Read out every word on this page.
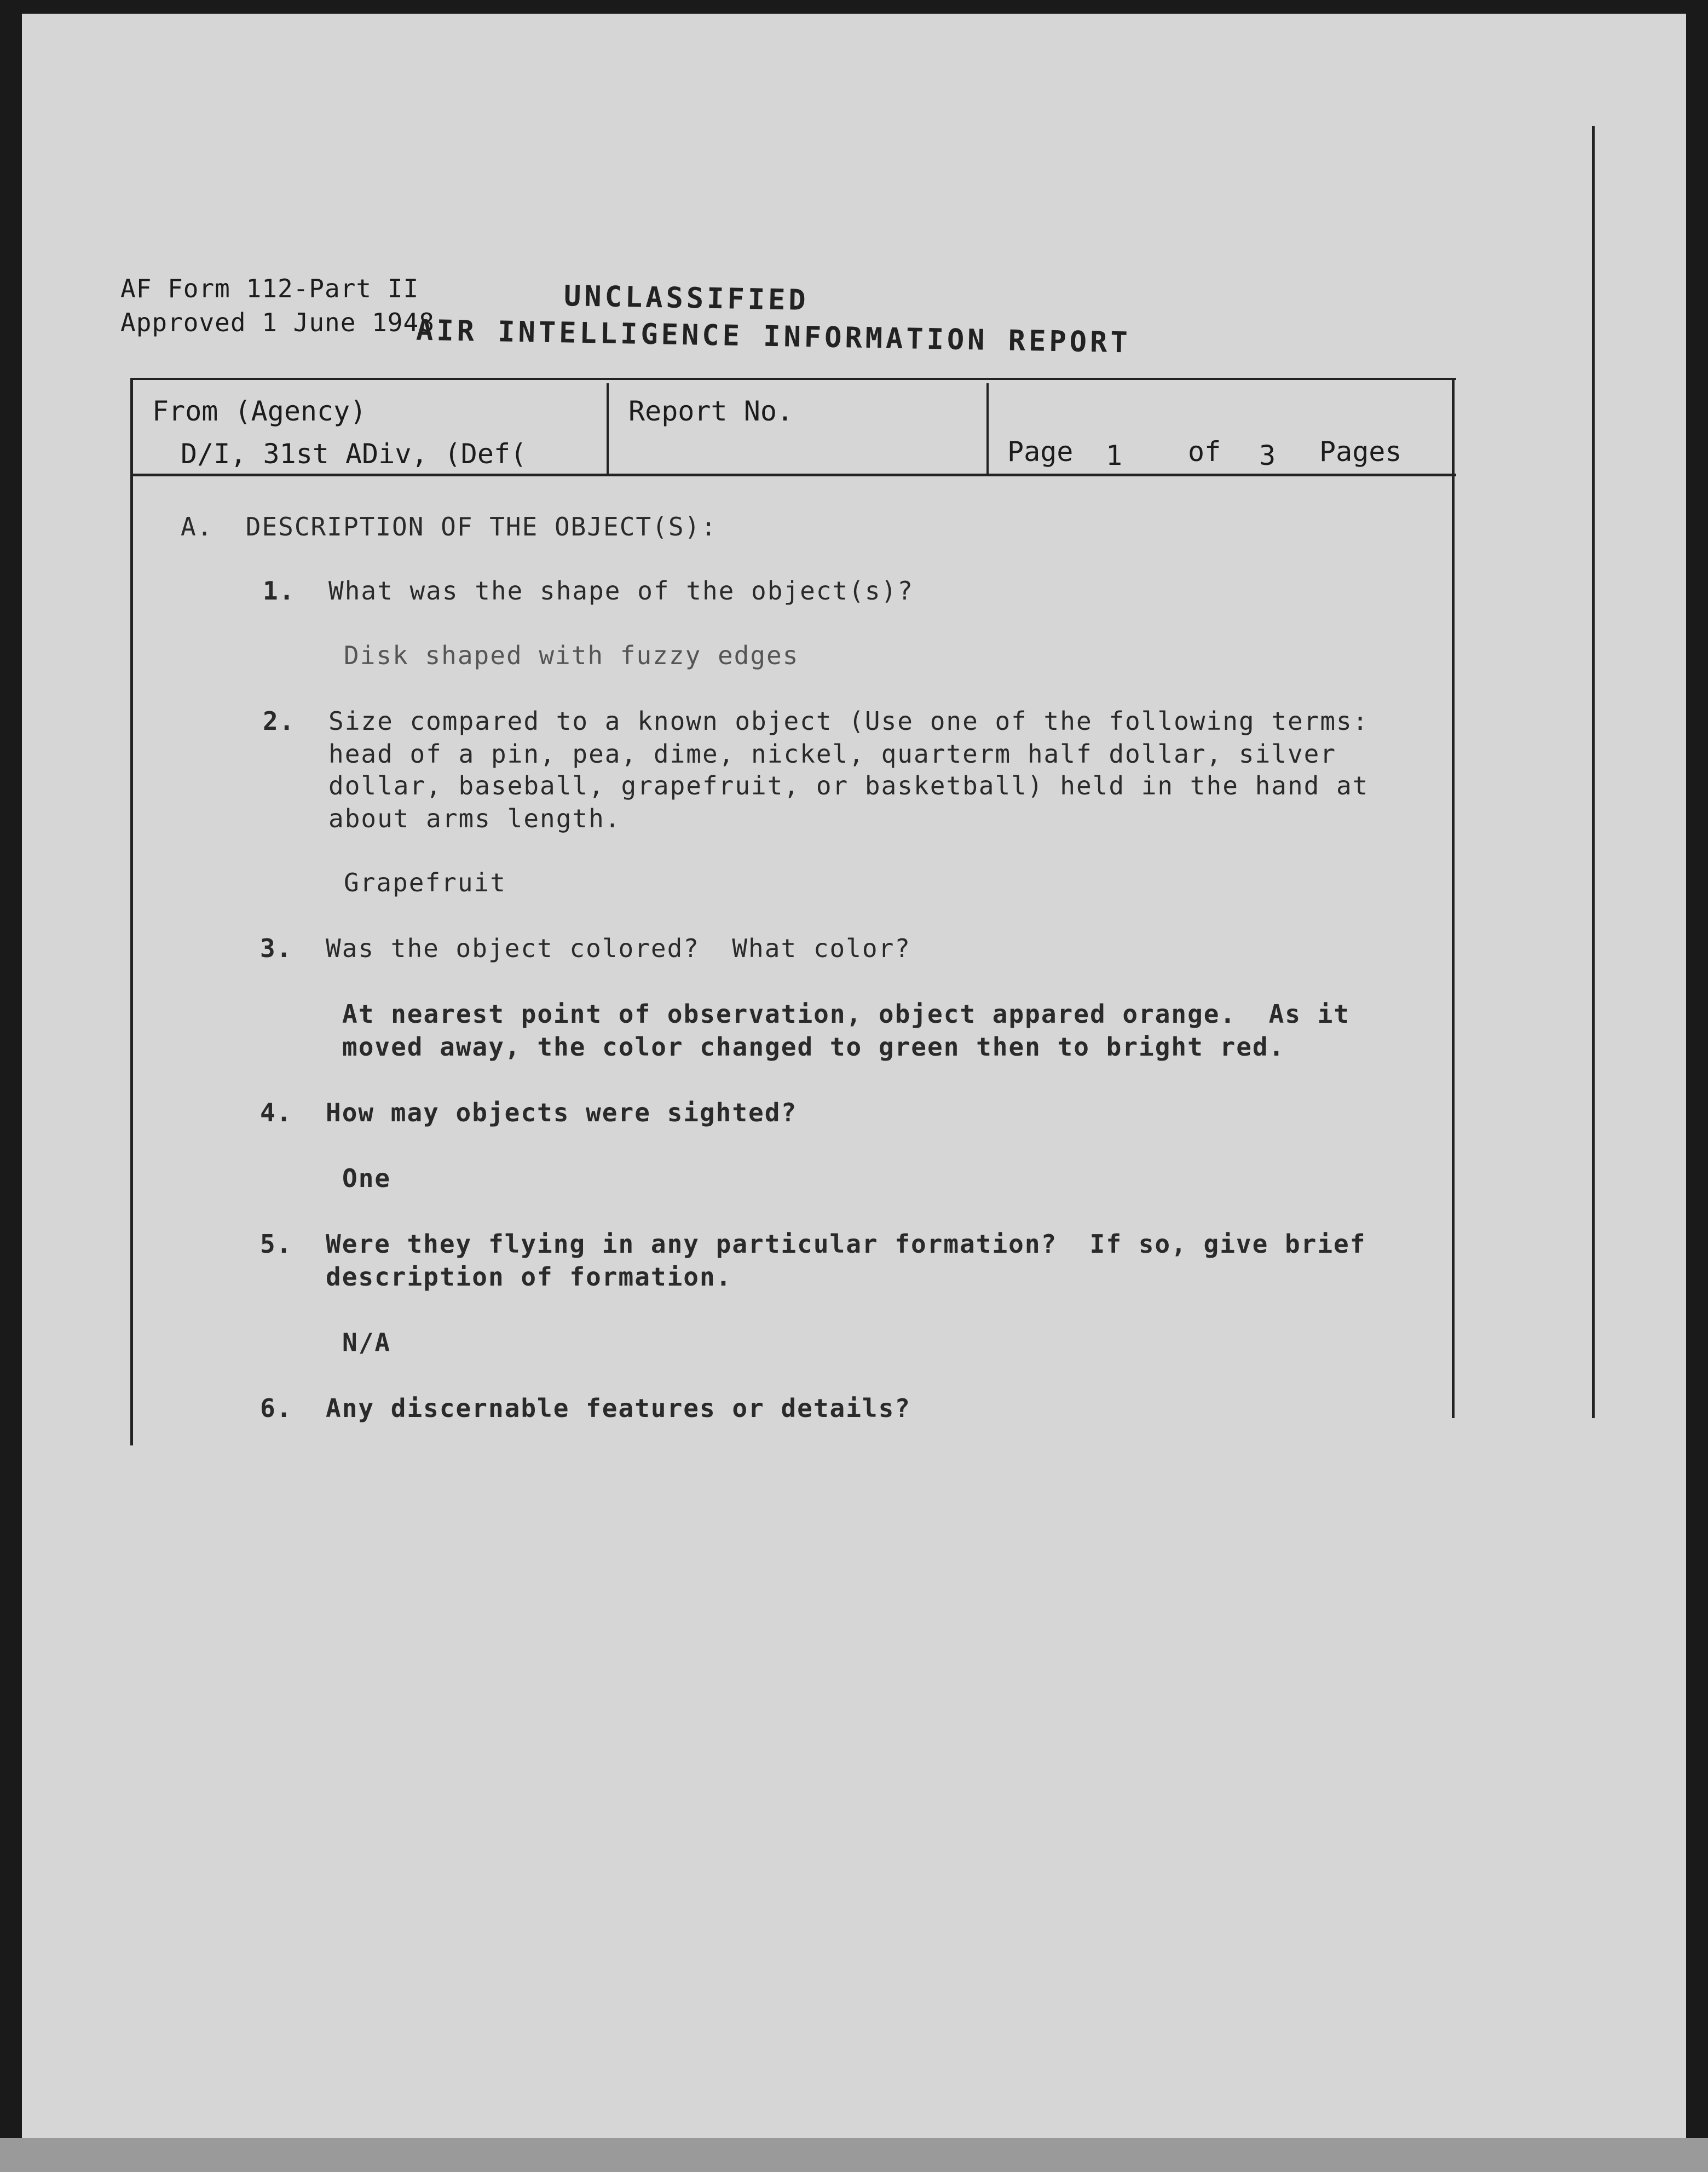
AF Form 112-Part II
Approved 1 June 1948
UNCLASSIFIED
AIR INTELLIGENCE INFORMATION REPORT
From (Agency)
D/I, 31st ADiv, (Def(
Report No.
Page 1 of 3 Pages
A.  DESCRIPTION OF THE OBJECT(S):
1. What was the shape of the object(s)?
Disk shaped with fuzzy edges
2. Size compared to a known object (Use one of the following terms:
head of a pin, pea, dime, nickel, quarterm half dollar, silver
dollar, baseball, grapefruit, or basketball) held in the hand at
about arms length.
Grapefruit
3. Was the object colored?  What color?
At nearest point of observation, object appared orange.  As it
moved away, the color changed to green then to bright red.
4. How may objects were sighted?
One
5. Were they flying in any particular formation?  If so, give brief
description of formation.
N/A
6. Any discernable features or details?
